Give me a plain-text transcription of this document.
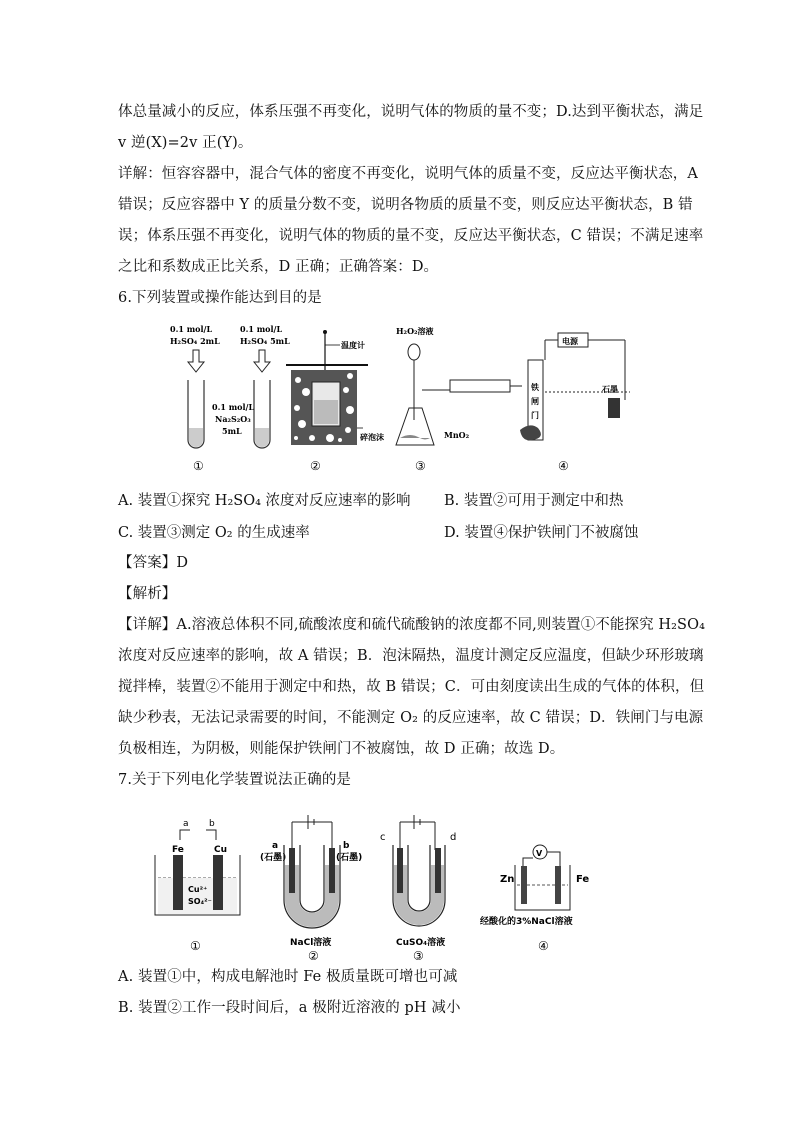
体总量减小的反应，体系压强不再变化，说明气体的物质的量不变；D.达到平衡状态，满足
v 逆(X)=2v 正(Y)。
详解：恒容容器中，混合气体的密度不再变化，说明气体的质量不变，反应达平衡状态，A
错误；反应容器中 Y 的质量分数不变，说明各物质的质量不变，则反应达平衡状态，B 错
误；体系压强不再变化，说明气体的物质的量不变，反应达平衡状态，C 错误；不满足速率
之比和系数成正比关系，D 正确；正确答案：D。
6.下列装置或操作能达到目的是
0.1 mol/L
H₂SO₄ 2mL
0.1 mol/L
H₂SO₄ 5mL
0.1 mol/L
Na₂S₂O₃
5mL
①
温度计
碎泡沫
②
H₂O₂溶液
MnO₂
③
电源
铁
闸
门
石墨
④
A. 装置①探究 H₂SO₄ 浓度对反应速率的影响 B. 装置②可用于测定中和热
C. 装置③测定 O₂ 的生成速率	D. 装置④保护铁闸门不被腐蚀
【答案】D
【解析】
【详解】A.溶液总体积不同,硫酸浓度和硫代硫酸钠的浓度都不同,则装置①不能探究 H₂SO₄
浓度对反应速率的影响，故 A 错误；B．泡沫隔热，温度计测定反应温度，但缺少环形玻璃
搅拌棒，装置②不能用于测定中和热，故 B 错误；C．可由刻度读出生成的气体的体积，但
缺少秒表，无法记录需要的时间，不能测定 O₂ 的反应速率，故 C 错误；D．铁闸门与电源
负极相连，为阴极，则能保护铁闸门不被腐蚀，故 D 正确；故选 D。
7.关于下列电化学装置说法正确的是
a b
Fe	Cu
Cu²⁺
SO₄²⁻
①
a
(石墨)
b
(石墨)
NaCl溶液
②
c	d
CuSO₄溶液
③
V
Zn	Fe
经酸化的3%NaCl溶液
④
A. 装置①中，构成电解池时 Fe 极质量既可增也可减
B. 装置②工作一段时间后，a 极附近溶液的 pH 减小
